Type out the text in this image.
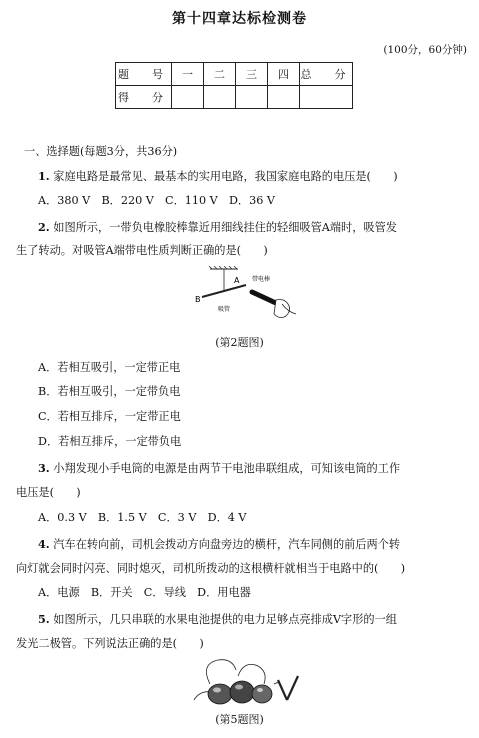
第十四章达标检测卷
(100分，60分钟)
题　号	一	二	三	四	总　分
得　分					
一、选择题(每题3分，共36分)
1. 家庭电路是最常见、最基本的实用电路，我国家庭电路的电压是(　　)
A．380 V　B．220 V　C．110 V　D．36 V
2. 如图所示，一带负电橡胶棒靠近用细线挂住的轻细吸管A端时，吸管发
生了转动。对吸管A端带电性质判断正确的是(　　)
B
A
吸管
带电棒
(第2题图)
A．若相互吸引，一定带正电
B．若相互吸引，一定带负电
C．若相互排斥，一定带正电
D．若相互排斥，一定带负电
3. 小翔发现小手电筒的电源是由两节干电池串联组成，可知该电筒的工作
电压是(　　)
A．0.3 V　B．1.5 V　C．3 V　D．4 V
4. 汽车在转向前，司机会拨动方向盘旁边的横杆，汽车同侧的前后两个转
向灯就会同时闪亮、同时熄灭，司机所拨动的这根横杆就相当于电路中的(　　)
A．电源　B．开关　C．导线　D．用电器
5. 如图所示，几只串联的水果电池提供的电力足够点亮排成V字形的一组
发光二极管。下列说法正确的是(　　)
(第5题图)
